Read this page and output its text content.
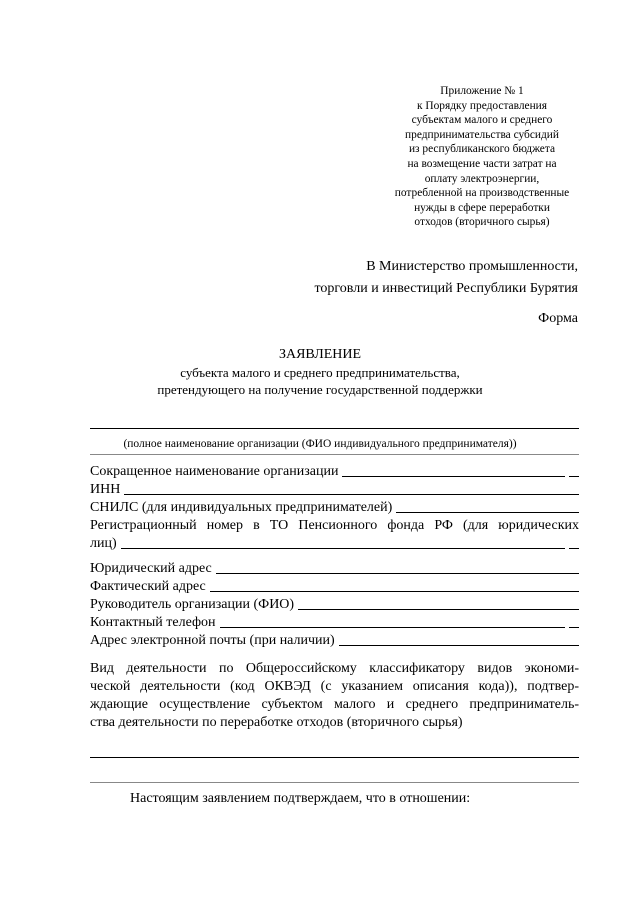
Приложение № 1
к Порядку предоставления
субъектам малого и среднего
предпринимательства субсидий
из республиканского бюджета
на возмещение части затрат на
оплату электроэнергии,
потребленной на производственные
нужды в сфере переработки
отходов (вторичного сырья)
В Министерство промышленности,
торговли и инвестиций Республики Бурятия
Форма
ЗАЯВЛЕНИЕ
субъекта малого и среднего предпринимательства,
претендующего на получение государственной поддержки
(полное наименование организации (ФИО индивидуального предпринимателя))
Сокращенное наименование организации
ИНН
СНИЛС (для индивидуальных предпринимателей)
Регистрационный номер в ТО Пенсионного фонда РФ (для юридических
лиц)
Юридический адрес
Фактический адрес
Руководитель организации (ФИО)
Контактный телефон
Адрес электронной почты (при наличии)
Вид деятельности по Общероссийскому классификатору видов экономи-
ческой деятельности (код ОКВЭД (с указанием описания кода)), подтвер-
ждающие осуществление субъектом малого и среднего предприниматель-
ства деятельности по переработке отходов (вторичного сырья)
Настоящим заявлением подтверждаем, что в отношении:
